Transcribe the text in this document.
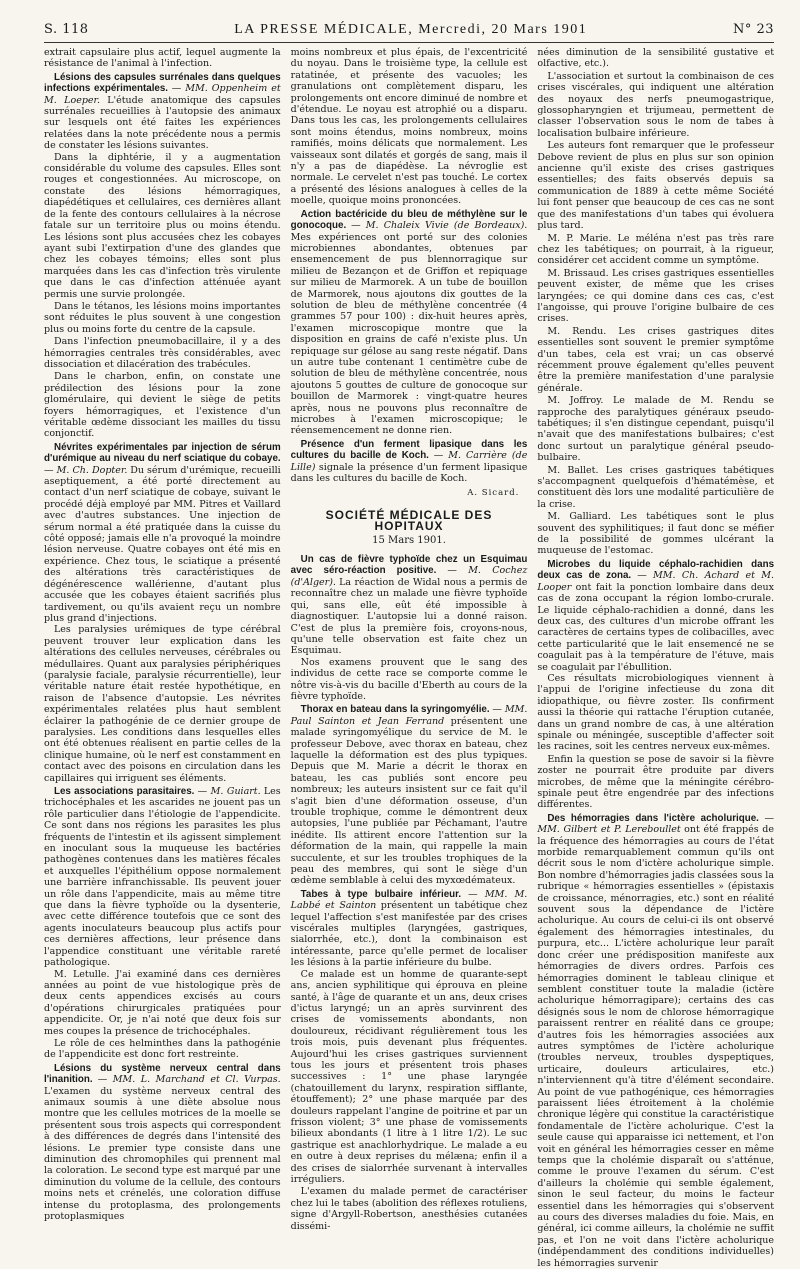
S. 118	LA PRESSE MÉDICALE, Mercredi, 20 Mars 1901	N° 23

extrait capsulaire plus actif, lequel augmente la résistance de l'animal à l'infection.

Lésions des capsules surrénales dans quelques infections expérimentales. — MM. Oppenheim et M. Loeper. L'étude anatomique des capsules surrénales recueillies à l'autopsie des animaux sur lesquels ont été faites les expériences relatées dans la note précédente nous a permis de constater les lésions suivantes.

Dans la diphtérie, il y a augmentation considérable du volume des capsules. Elles sont rouges et congestionnées. Au microscope, on constate des lésions hémorragiques, diapédétiques et cellulaires, ces dernières allant de la fente des contours cellulaires à la nécrose fatale sur un territoire plus ou moins étendu. Les lésions sont plus accusées chez les cobayes ayant subi l'extirpation d'une des glandes que chez les cobayes témoins; elles sont plus marquées dans les cas d'infection très virulente que dans le cas d'infection atténuée ayant permis une survie prolongée.

Dans le tétanos, les lésions moins importantes sont réduites le plus souvent à une congestion plus ou moins forte du centre de la capsule.

Dans l'infection pneumobacillaire, il y a des hémorragies centrales très considérables, avec dissociation et dilacération des trabécules.

Dans le charbon, enfin, on constate une prédilection des lésions pour la zone glomérulaire, qui devient le siège de petits foyers hémorragiques, et l'existence d'un véritable œdème dissociant les mailles du tissu conjonctif.

Névrites expérimentales par injection de sérum d'urémique au niveau du nerf sciatique du cobaye. — M. Ch. Dopter. Du sérum d'urémique, recueilli aseptiquement, a été porté directement au contact d'un nerf sciatique de cobaye, suivant le procédé déjà employé par MM. Pitres et Vaillard avec d'autres substances. Une injection de sérum normal a été pratiquée dans la cuisse du côté opposé; jamais elle n'a provoqué la moindre lésion nerveuse. Quatre cobayes ont été mis en expérience. Chez tous, le sciatique a présenté des altérations très caractéristiques de dégénérescence wallérienne, d'autant plus accusée que les cobayes étaient sacrifiés plus tardivement, ou qu'ils avaient reçu un nombre plus grand d'injections.

Les paralysies urémiques de type cérébral peuvent trouver leur explication dans les altérations des cellules nerveuses, cérébrales ou médullaires. Quant aux paralysies périphériques (paralysie faciale, paralysie récurrentielle), leur véritable nature était restée hypothétique, en raison de l'absence d'autopsie. Les névrites expérimentales relatées plus haut semblent éclairer la pathogénie de ce dernier groupe de paralysies. Les conditions dans lesquelles elles ont été obtenues réalisent en partie celles de la clinique humaine, où le nerf est constamment en contact avec des poisons en circulation dans les capillaires qui irriguent ses éléments.

Les associations parasitaires. — M. Guiart. Les trichocéphales et les ascarides ne jouent pas un rôle particulier dans l'étiologie de l'appendicite. Ce sont dans nos régions les parasites les plus fréquents de l'intestin et ils agissent simplement en inoculant sous la muqueuse les bactéries pathogènes contenues dans les matières fécales et auxquelles l'épithélium oppose normalement une barrière infranchissable. Ils peuvent jouer un rôle dans l'appendicite, mais au même titre que dans la fièvre typhoïde ou la dysenterie, avec cette différence toutefois que ce sont des agents inoculateurs beaucoup plus actifs pour ces dernières affections, leur présence dans l'appendice constituant une véritable rareté pathologique.

M. Letulle. J'ai examiné dans ces dernières années au point de vue histologique près de deux cents appendices excisés au cours d'opérations chirurgicales pratiquées pour appendicite. Or, je n'ai noté que deux fois sur mes coupes la présence de trichocéphales.

Le rôle de ces helminthes dans la pathogénie de l'appendicite est donc fort restreinte.

Lésions du système nerveux central dans l'inanition. — MM. L. Marchand et Cl. Vurpas. L'examen du système nerveux central des animaux soumis à une diète absolue nous montre que les cellules motrices de la moelle se présentent sous trois aspects qui correspondent à des différences de degrés dans l'intensité des lésions. Le premier type consiste dans une diminution des chromophiles qui prennent mal la coloration. Le second type est marqué par une diminution du volume de la cellule, des contours moins nets et crénelés, une coloration diffuse intense du protoplasma, des prolongements protoplasmiques

moins nombreux et plus épais, de l'excentricité du noyau. Dans le troisième type, la cellule est ratatinée, et présente des vacuoles; les granulations ont complètement disparu, les prolongements ont encore diminué de nombre et d'étendue. Le noyau est atrophié ou a disparu. Dans tous les cas, les prolongements cellulaires sont moins étendus, moins nombreux, moins ramifiés, moins délicats que normalement. Les vaisseaux sont dilatés et gorgés de sang, mais il n'y a pas de diapédèse. La névroglie est normale. Le cervelet n'est pas touché. Le cortex a présenté des lésions analogues à celles de la moelle, quoique moins prononcées.

Action bactéricide du bleu de méthylène sur le gonocoque. — M. Chaleix Vivie (de Bordeaux). Mes expériences ont porté sur des colonies microbiennes abondantes, obtenues par ensemencement de pus blennorragique sur milieu de Bezançon et de Griffon et repiquage sur milieu de Marmorek. A un tube de bouillon de Marmorek, nous ajoutons dix gouttes de la solution de bleu de méthylène concentrée (4 grammes 57 pour 100) : dix-huit heures après, l'examen microscopique montre que la disposition en grains de café n'existe plus. Un repiquage sur gélose au sang reste négatif. Dans un autre tube contenant 1 centimètre cube de solution de bleu de méthylène concentrée, nous ajoutons 5 gouttes de culture de gonocoque sur bouillon de Marmorek : vingt-quatre heures après, nous ne pouvons plus reconnaître de microbes à l'examen microscopique; le réensemencement ne donne rien.
Présence d'un ferment lipasique dans les cultures du bacille de Koch. — M. Carrière (de Lille) signale la présence d'un ferment lipasique dans les cultures du bacille de Koch.
A. Sicard.
SOCIÉTÉ MÉDICALE DES HOPITAUX
15 Mars 1901.
Un cas de fièvre typhoïde chez un Esquimau avec séro-réaction positive. — M. Cochez (d'Alger). La réaction de Widal nous a permis de reconnaître chez un malade une fièvre typhoïde qui, sans elle, eût été impossible à diagnostiquer. L'autopsie lui a donné raison. C'est de plus la première fois, croyons-nous, qu'une telle observation est faite chez un Esquimau.

Nos examens prouvent que le sang des individus de cette race se comporte comme le nôtre vis-à-vis du bacille d'Eberth au cours de la fièvre typhoïde.

Thorax en bateau dans la syringomyélie. — MM. Paul Sainton et Jean Ferrand présentent une malade syringomyélique du service de M. le professeur Debove, avec thorax en bateau, chez laquelle la déformation est des plus typiques. Depuis que M. Marie a décrit le thorax en bateau, les cas publiés sont encore peu nombreux; les auteurs insistent sur ce fait qu'il s'agit bien d'une déformation osseuse, d'un trouble trophique, comme le démontrent deux autopsies, l'une publiée par Péchamant, l'autre inédite. Ils attirent encore l'attention sur la déformation de la main, qui rappelle la main succulente, et sur les troubles trophiques de la peau des membres, qui sont le siège d'un œdème semblable à celui des myxœdémateux.
Tabes à type bulbaire inférieur. — MM. M. Labbé et Sainton présentent un tabétique chez lequel l'affection s'est manifestée par des crises viscérales multiples (laryngées, gastriques, sialorrhée, etc.), dont la combinaison est intéressante, parce qu'elle permet de localiser les lésions à la partie inférieure du bulbe.

Ce malade est un homme de quarante-sept ans, ancien syphilitique qui éprouva en pleine santé, à l'âge de quarante et un ans, deux crises d'ictus laryngé; un an après survinrent des crises de vomissements abondants, non douloureux, récidivant régulièrement tous les trois mois, puis devenant plus fréquentes. Aujourd'hui les crises gastriques surviennent tous les jours et présentent trois phases successives : 1° une phase laryngée (chatouillement du larynx, respiration sifflante, étouffement); 2° une phase marquée par des douleurs rappelant l'angine de poitrine et par un frisson violent; 3° une phase de vomissements bilieux abondants (1 litre à 1 litre 1/2). Le suc gastrique est anachlorhydrique. Le malade a eu en outre à deux reprises du mélæna; enfin il a des crises de sialorrhée survenant à intervalles irréguliers.

L'examen du malade permet de caractériser chez lui le tabes (abolition des réflexes rotuliens, signe d'Argyll-Robertson, anesthésies cutanées dissémi-

nées diminution de la sensibilité gustative et olfactive, etc.).

L'association et surtout la combinaison de ces crises viscérales, qui indiquent une altération des noyaux des nerfs pneumogastrique, glossopharyngien et trijumeau, permettent de classer l'observation sous le nom de tabes à localisation bulbaire inférieure.

Les auteurs font remarquer que le professeur Debove revient de plus en plus sur son opinion ancienne qu'il existe des crises gastriques essentielles; des faits observés depuis sa communication de 1889 à cette même Société lui font penser que beaucoup de ces cas ne sont que des manifestations d'un tabes qui évoluera plus tard.

M. P. Marie. Le méléna n'est pas très rare chez les tabétiques; on pourrait, à la rigueur, considérer cet accident comme un symptôme.

M. Brissaud. Les crises gastriques essentielles peuvent exister, de même que les crises laryngées; ce qui domine dans ces cas, c'est l'angoisse, qui prouve l'origine bulbaire de ces crises.

M. Rendu. Les crises gastriques dites essentielles sont souvent le premier symptôme d'un tabes, cela est vrai; un cas observé récemment prouve également qu'elles peuvent être la première manifestation d'une paralysie générale.

M. Joffroy. Le malade de M. Rendu se rapproche des paralytiques généraux pseudo-tabétiques; il s'en distingue cependant, puisqu'il n'avait que des manifestations bulbaires; c'est donc surtout un paralytique général pseudo-bulbaire.

M. Ballet. Les crises gastriques tabétiques s'accompagnent quelquefois d'hématémèse, et constituent dès lors une modalité particulière de la crise.

M. Galliard. Les tabétiques sont le plus souvent des syphilitiques; il faut donc se méfier de la possibilité de gommes ulcérant la muqueuse de l'estomac.

Microbes du liquide céphalo-rachidien dans deux cas de zona. — MM. Ch. Achard et M. Looper ont fait la ponction lombaire dans deux cas de zona occupant la région lombo-crurale. Le liquide céphalo-rachidien a donné, dans les deux cas, des cultures d'un microbe offrant les caractères de certains types de colibacilles, avec cette particularité que le lait ensemencé ne se coagulait pas à la température de l'étuve, mais se coagulait par l'ébullition.

Ces résultats microbiologiques viennent à l'appui de l'origine infectieuse du zona dit idiopathique, ou fièvre zoster. Ils confirment aussi la théorie qui rattache l'éruption cutanée, dans un grand nombre de cas, à une altération spinale ou méningée, susceptible d'affecter soit les racines, soit les centres nerveux eux-mêmes.

Enfin la question se pose de savoir si la fièvre zoster ne pourrait être produite par divers microbes, de même que la méningite cérébro-spinale peut être engendrée par des infections différentes.

Des hémorragies dans l'ictère acholurique. — MM. Gilbert et P. Lereboullet ont été frappés de la fréquence des hémorragies au cours de l'état morbide remarquablement commun qu'ils ont décrit sous le nom d'ictère acholurique simple. Bon nombre d'hémorragies jadis classées sous la rubrique « hémorragies essentielles » (épistaxis de croissance, ménorragies, etc.) sont en réalité souvent sous la dépendance de l'ictère acholurique. Au cours de celui-ci ils ont observé également des hémorragies intestinales, du purpura, etc... L'ictère acholurique leur paraît donc créer une prédisposition manifeste aux hémorragies de divers ordres. Parfois ces hémorragies dominent le tableau clinique et semblent constituer toute la maladie (ictère acholurique hémorragipare); certains des cas désignés sous le nom de chlorose hémorragique paraissent rentrer en réalité dans ce groupe; d'autres fois les hémorragies associées aux autres symptômes de l'ictère acholurique (troubles nerveux, troubles dyspeptiques, urticaire, douleurs articulaires, etc.) n'interviennent qu'à titre d'élément secondaire. Au point de vue pathogénique, ces hémorragies paraissent liées étroitement à la cholémie chronique légère qui constitue la caractéristique fondamentale de l'ictère acholurique. C'est la seule cause qui apparaisse ici nettement, et l'on voit en général les hémorragies cesser en même temps que la cholémie disparaît ou s'atténue, comme le prouve l'examen du sérum. C'est d'ailleurs la cholémie qui semble également, sinon le seul facteur, du moins le facteur essentiel dans les hémorragies qui s'observent au cours des diverses maladies du foie. Mais, en général, ici comme ailleurs, la cholémie ne suffit pas, et l'on ne voit dans l'ictère acholurique (indépendamment des conditions individuelles) les hémorragies survenir
